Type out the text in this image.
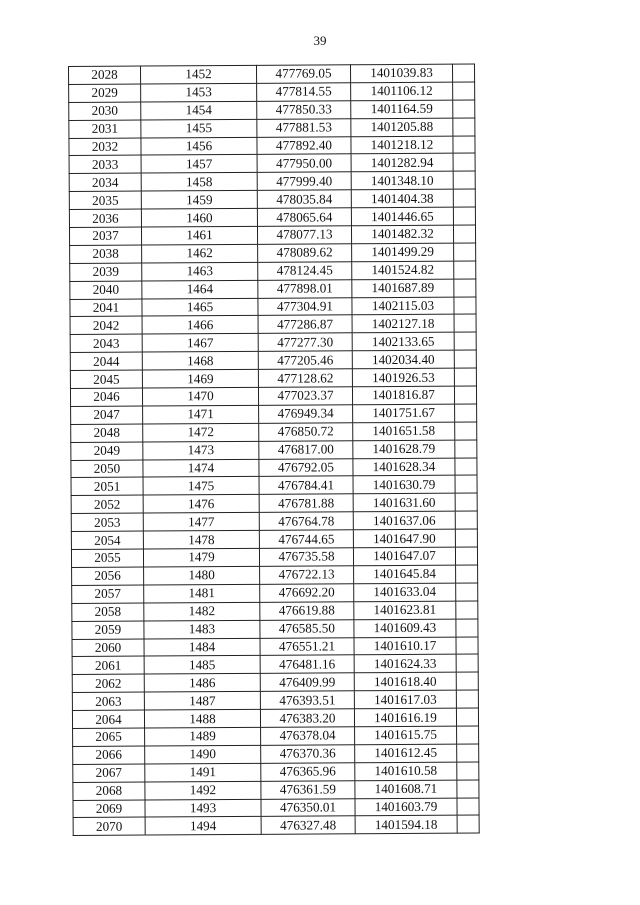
39
2028	1452	477769.05	1401039.83	
2029	1453	477814.55	1401106.12	
2030	1454	477850.33	1401164.59	
2031	1455	477881.53	1401205.88	
2032	1456	477892.40	1401218.12	
2033	1457	477950.00	1401282.94	
2034	1458	477999.40	1401348.10	
2035	1459	478035.84	1401404.38	
2036	1460	478065.64	1401446.65	
2037	1461	478077.13	1401482.32	
2038	1462	478089.62	1401499.29	
2039	1463	478124.45	1401524.82	
2040	1464	477898.01	1401687.89	
2041	1465	477304.91	1402115.03	
2042	1466	477286.87	1402127.18	
2043	1467	477277.30	1402133.65	
2044	1468	477205.46	1402034.40	
2045	1469	477128.62	1401926.53	
2046	1470	477023.37	1401816.87	
2047	1471	476949.34	1401751.67	
2048	1472	476850.72	1401651.58	
2049	1473	476817.00	1401628.79	
2050	1474	476792.05	1401628.34	
2051	1475	476784.41	1401630.79	
2052	1476	476781.88	1401631.60	
2053	1477	476764.78	1401637.06	
2054	1478	476744.65	1401647.90	
2055	1479	476735.58	1401647.07	
2056	1480	476722.13	1401645.84	
2057	1481	476692.20	1401633.04	
2058	1482	476619.88	1401623.81	
2059	1483	476585.50	1401609.43	
2060	1484	476551.21	1401610.17	
2061	1485	476481.16	1401624.33	
2062	1486	476409.99	1401618.40	
2063	1487	476393.51	1401617.03	
2064	1488	476383.20	1401616.19	
2065	1489	476378.04	1401615.75	
2066	1490	476370.36	1401612.45	
2067	1491	476365.96	1401610.58	
2068	1492	476361.59	1401608.71	
2069	1493	476350.01	1401603.79	
2070	1494	476327.48	1401594.18	
